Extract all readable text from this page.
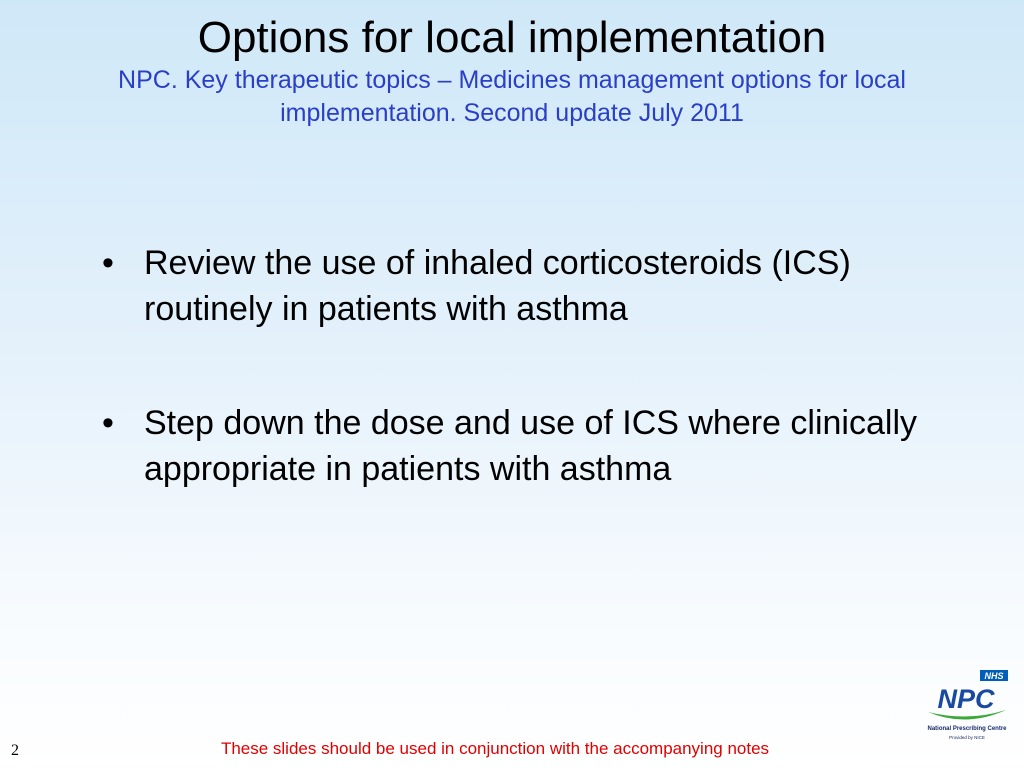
Options for local implementation
NPC. Key therapeutic topics – Medicines management options for local implementation. Second update July 2011
• Review the use of inhaled corticosteroids (ICS) routinely in patients with asthma
• Step down the dose and use of ICS where clinically appropriate in patients with asthma
NHS
NPC
National Prescribing Centre
Provided by NICE
These slides should be used in conjunction with the accompanying notes
2
